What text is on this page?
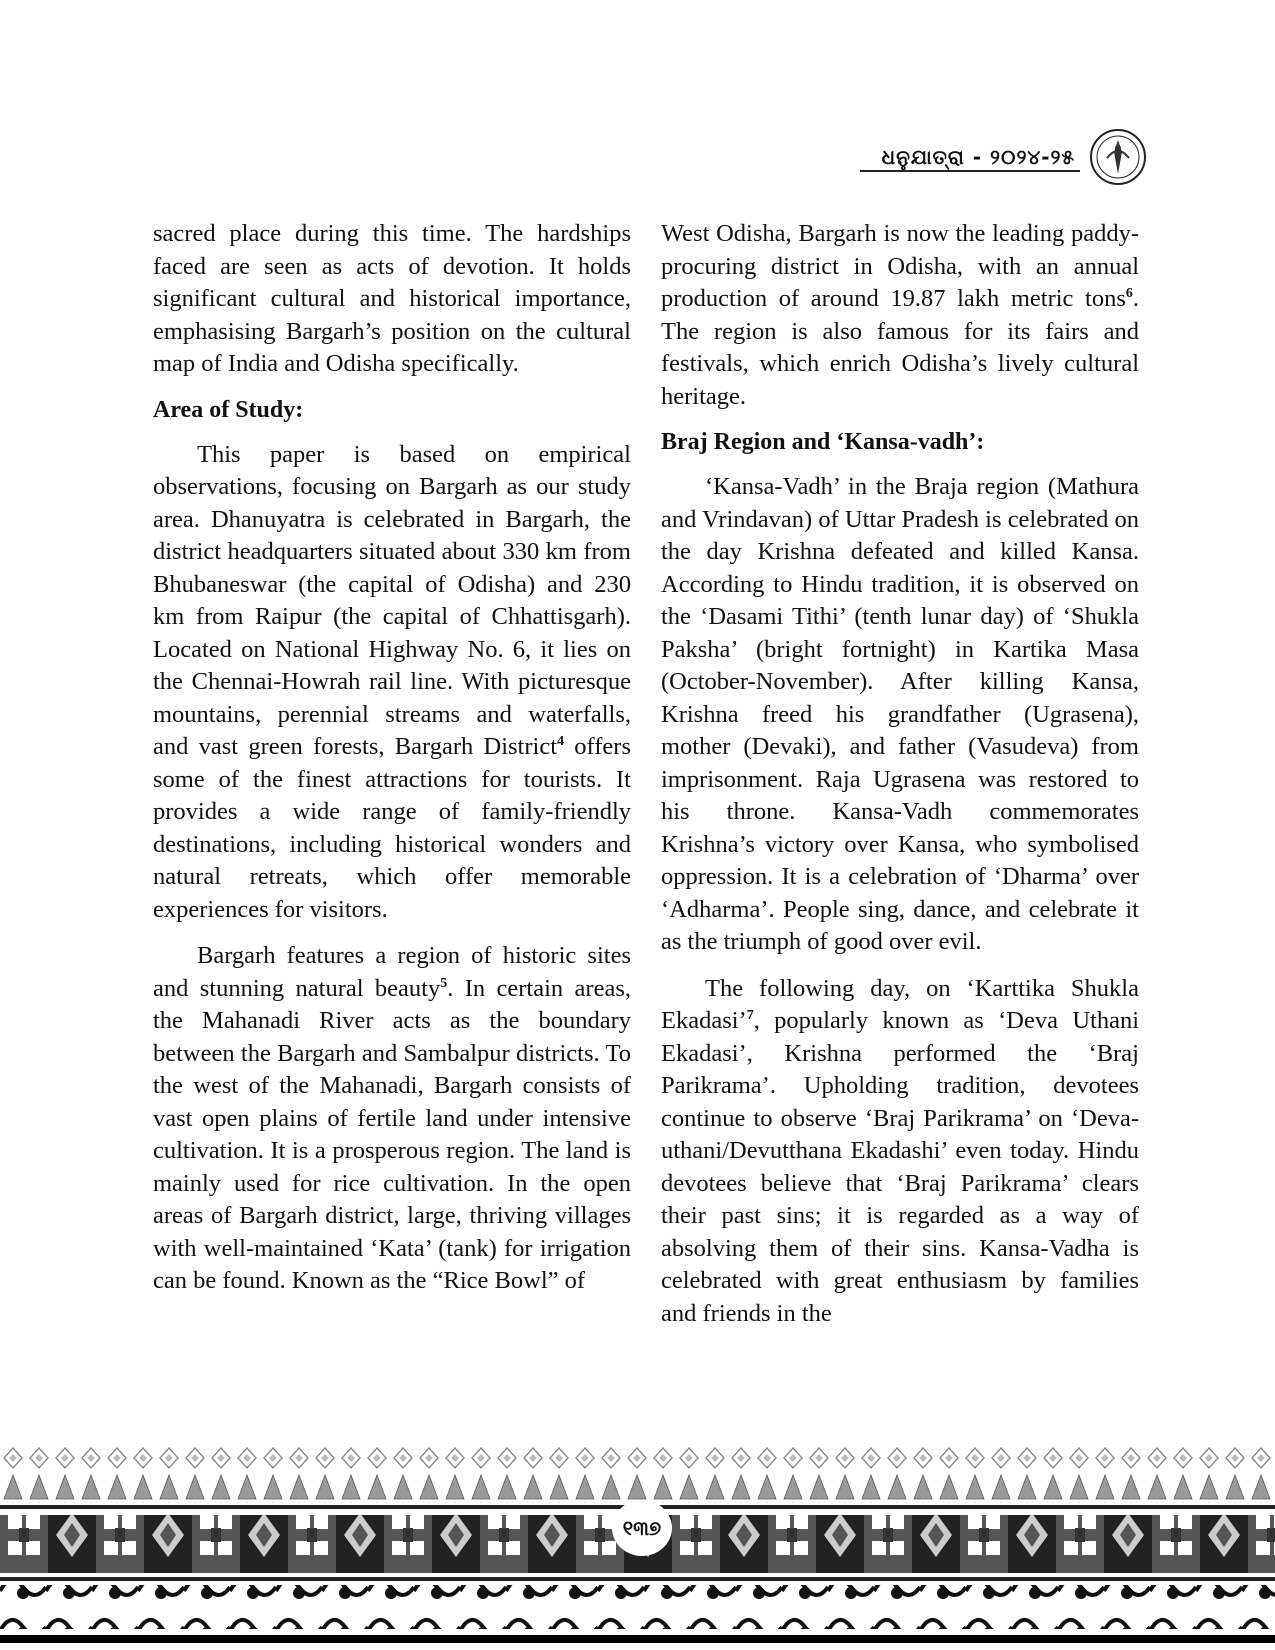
ଧନୁଯାତ୍ରା - ୨୦୨୪-୨୫

sacred place during this time. The hardships faced are seen as acts of devotion. It holds significant cultural and historical importance, emphasising Bargarh’s position on the cultural map of India and Odisha specifically.

Area of Study:

This paper is based on empirical observations, focusing on Bargarh as our study area. Dhanuyatra is celebrated in Bargarh, the district headquarters situated about 330 km from Bhubaneswar (the capital of Odisha) and 230 km from Raipur (the capital of Chhattisgarh). Located on National Highway No. 6, it lies on the Chennai-Howrah rail line. With picturesque mountains, perennial streams and waterfalls, and vast green forests, Bargarh District$^4$ offers some of the finest attractions for tourists. It provides a wide range of family-friendly destinations, including historical wonders and natural retreats, which offer memorable experiences for visitors.

Bargarh features a region of historic sites and stunning natural beauty$^5$. In certain areas, the Mahanadi River acts as the boundary between the Bargarh and Sambalpur districts. To the west of the Mahanadi, Bargarh consists of vast open plains of fertile land under intensive cultivation. It is a prosperous region. The land is mainly used for rice cultivation. In the open areas of Bargarh district, large, thriving villages with well-maintained ‘Kata’ (tank) for irrigation can be found. Known as the “Rice Bowl” of

West Odisha, Bargarh is now the leading paddy-procuring district in Odisha, with an annual production of around 19.87 lakh metric tons$^6$. The region is also famous for its fairs and festivals, which enrich Odisha’s lively cultural heritage.

Braj Region and ‘Kansa-vadh’:

‘Kansa-Vadh’ in the Braja region (Mathura and Vrindavan) of Uttar Pradesh is celebrated on the day Krishna defeated and killed Kansa. According to Hindu tradition, it is observed on the ‘Dasami Tithi’ (tenth lunar day) of ‘Shukla Paksha’ (bright fortnight) in Kartika Masa (October-November). After killing Kansa, Krishna freed his grandfather (Ugrasena), mother (Devaki), and father (Vasudeva) from imprisonment. Raja Ugrasena was restored to his throne. Kansa-Vadh commemorates Krishna’s victory over Kansa, who symbolised oppression. It is a celebration of ‘Dharma’ over ‘Adharma’. People sing, dance, and celebrate it as the triumph of good over evil.

The following day, on ‘Karttika Shukla Ekadasi’$^7$, popularly known as ‘Deva Uthani Ekadasi’, Krishna performed the ‘Braj Parikrama’. Upholding tradition, devotees continue to observe ‘Braj Parikrama’ on ‘Deva-uthani/Devutthana Ekadashi’ even today. Hindu devotees believe that ‘Braj Parikrama’ clears their past sins; it is regarded as a way of absolving them of their sins. Kansa-Vadha is celebrated with great enthusiasm by families and friends in the

୧୩୭
